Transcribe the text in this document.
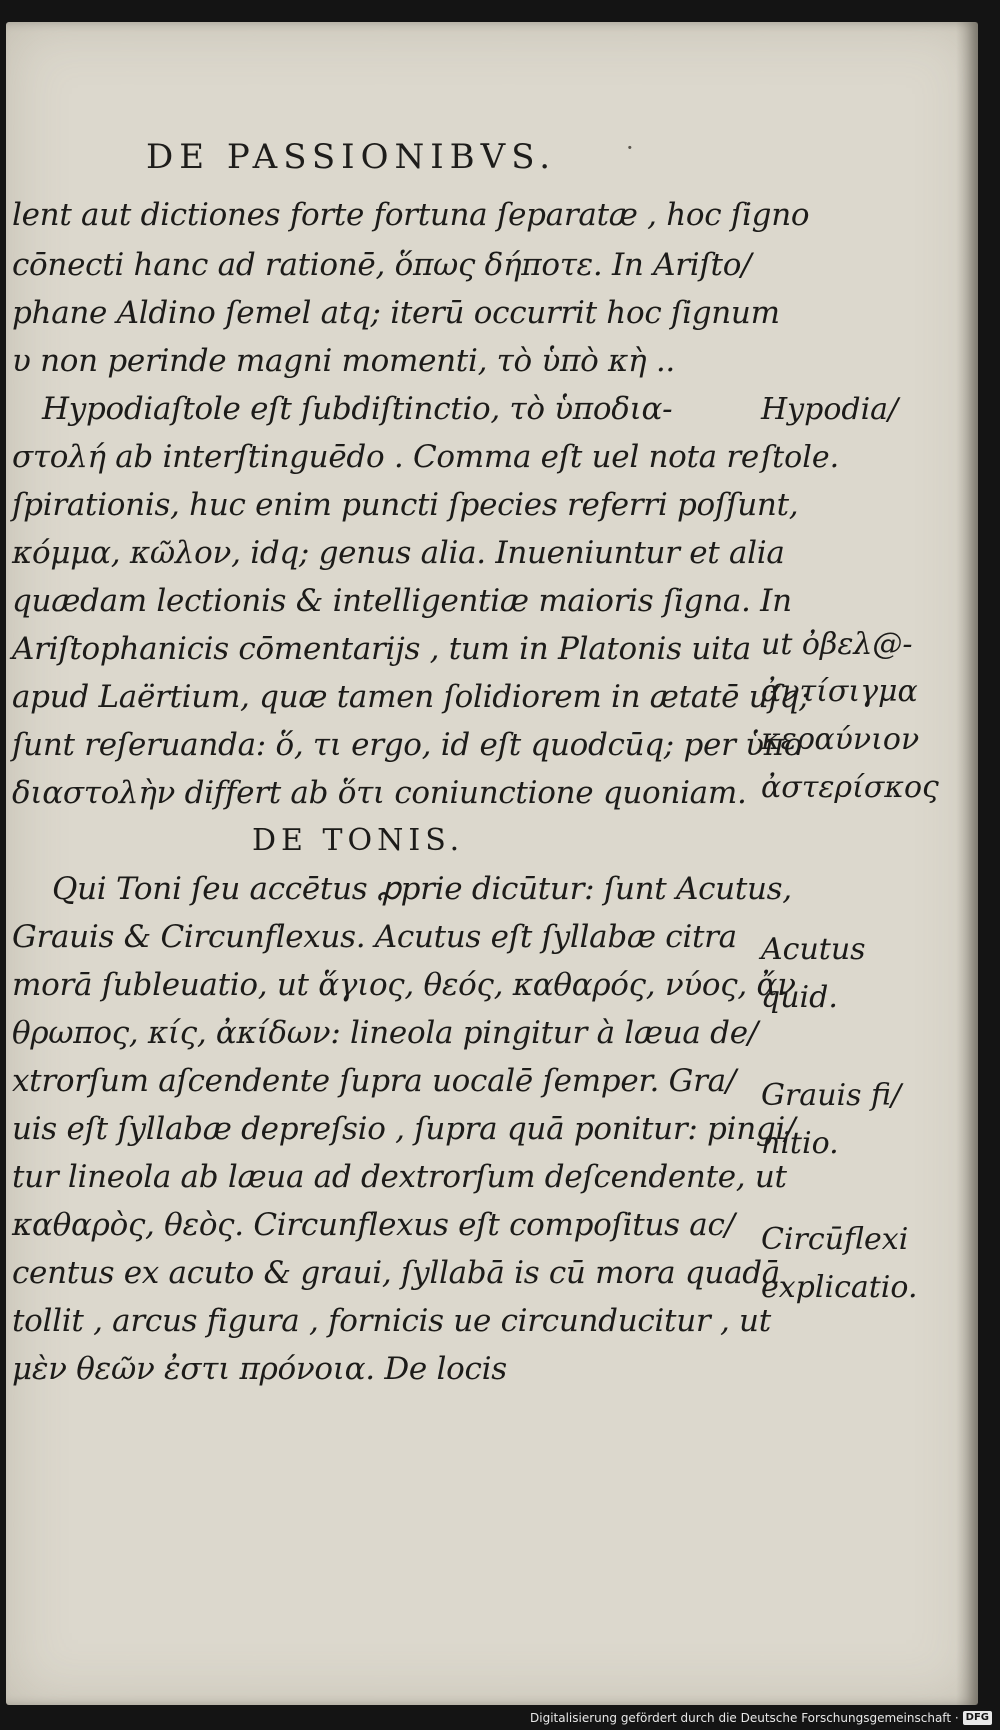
DE PASSIONIBVS.	·
lent aut dictiones forte fortuna ſeparatæ , hoc ſigno
cōnecti hanc ad rationē, ὅπως δήποτε. In Ariſto/
phane Aldino ſemel atq; iterū occurrit hoc ſignum
υ non perinde magni momenti, τὸ ὑπὸ κὴ ..
Hypodiaſtole eſt ſubdiſtinctio, τὸ ὑποδια-
στολή ab interſtinguēdo . Comma eſt uel nota re
ſpirationis, huc enim puncti ſpecies referri poſſunt,
κόμμα, κῶλον, idq; genus alia. Inueniuntur et alia
quædam lectionis & intelligentiæ maioris ſigna. In
Ariſtophanicis cōmentarijs , tum in Platonis uita
apud Laërtium, quæ tamen ſolidiorem in ætatē uſq;
ſunt reſeruanda: ὅ, τι ergo, id eſt quodcūq; per ὑπο
διαστολὴν differt ab ὅτι coniunctione quoniam.
DE TONIS.
Qui Toni ſeu accētus ꝓprie dicūtur: ſunt Acutus,
Grauis & Circunflexus. Acutus eſt ſyllabæ citra
morā ſubleuatio, ut ἅγιος, θεός, καθαρός, νύος, ἄν
θρωπος, κίς, ἀκίδων: lineola pingitur à læua de/
xtrorſum aſcendente ſupra uocalē ſemper. Gra/
uis eſt ſyllabæ depreſsio , ſupra quā ponitur: pingi/
tur lineola ab læua ad dextrorſum deſcendente, ut
καθαρὸς, θεὸς. Circunflexus eſt compoſitus ac/
centus ex acuto & graui, ſyllabā is cū mora quadā
tollit , arcus figura , fornicis ue circunducitur , ut
μὲν θεῶν ἐστι πρόνοια. De locis
Hypodia/
ſtole.
ut ὀβελ@-
ἀντίσιγμα
κεραύνιον
ἀστερίσκος
Acutus
quid.
Grauis fi/
nitio.
Circūflexi
explicatio.
Digitalisierung gefördert durch die Deutsche Forschungsgemeinschaft · DFG
